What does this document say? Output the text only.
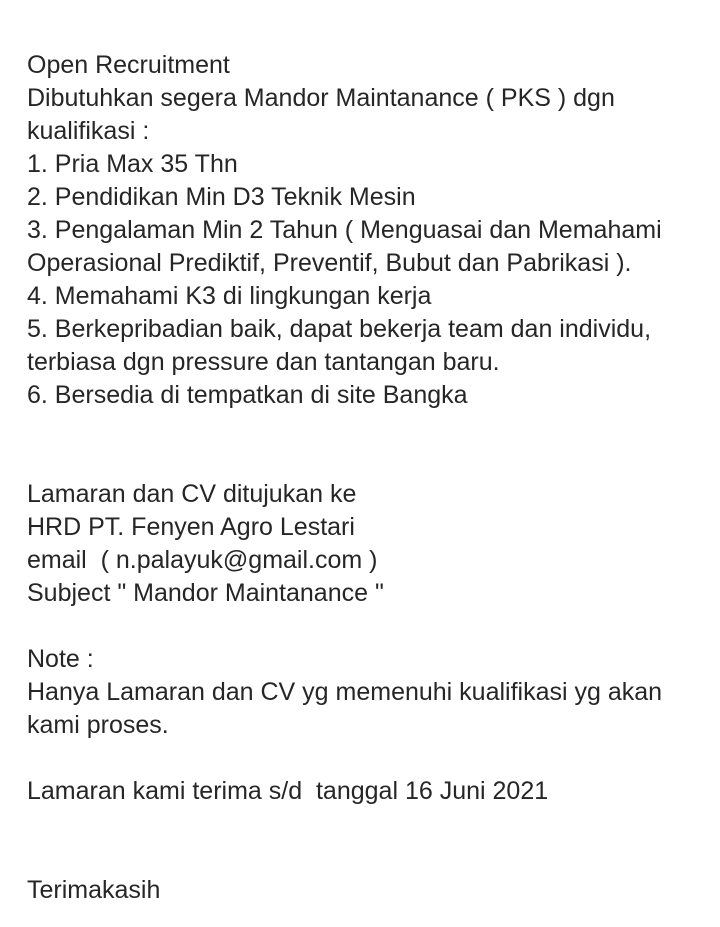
Open Recruitment
Dibutuhkan segera Mandor Maintanance ( PKS ) dgn
kualifikasi :
1. Pria Max 35 Thn
2. Pendidikan Min D3 Teknik Mesin
3. Pengalaman Min 2 Tahun ( Menguasai dan Memahami
Operasional Prediktif, Preventif, Bubut dan Pabrikasi ).
4. Memahami K3 di lingkungan kerja
5. Berkepribadian baik, dapat bekerja team dan individu,
terbiasa dgn pressure dan tantangan baru.
6. Bersedia di tempatkan di site Bangka

Lamaran dan CV ditujukan ke
HRD PT. Fenyen Agro Lestari
email  ( n.palayuk@gmail.com )
Subject " Mandor Maintanance "

Note :
Hanya Lamaran dan CV yg memenuhi kualifikasi yg akan
kami proses.

Lamaran kami terima s/d  tanggal 16 Juni 2021

Terimakasih
